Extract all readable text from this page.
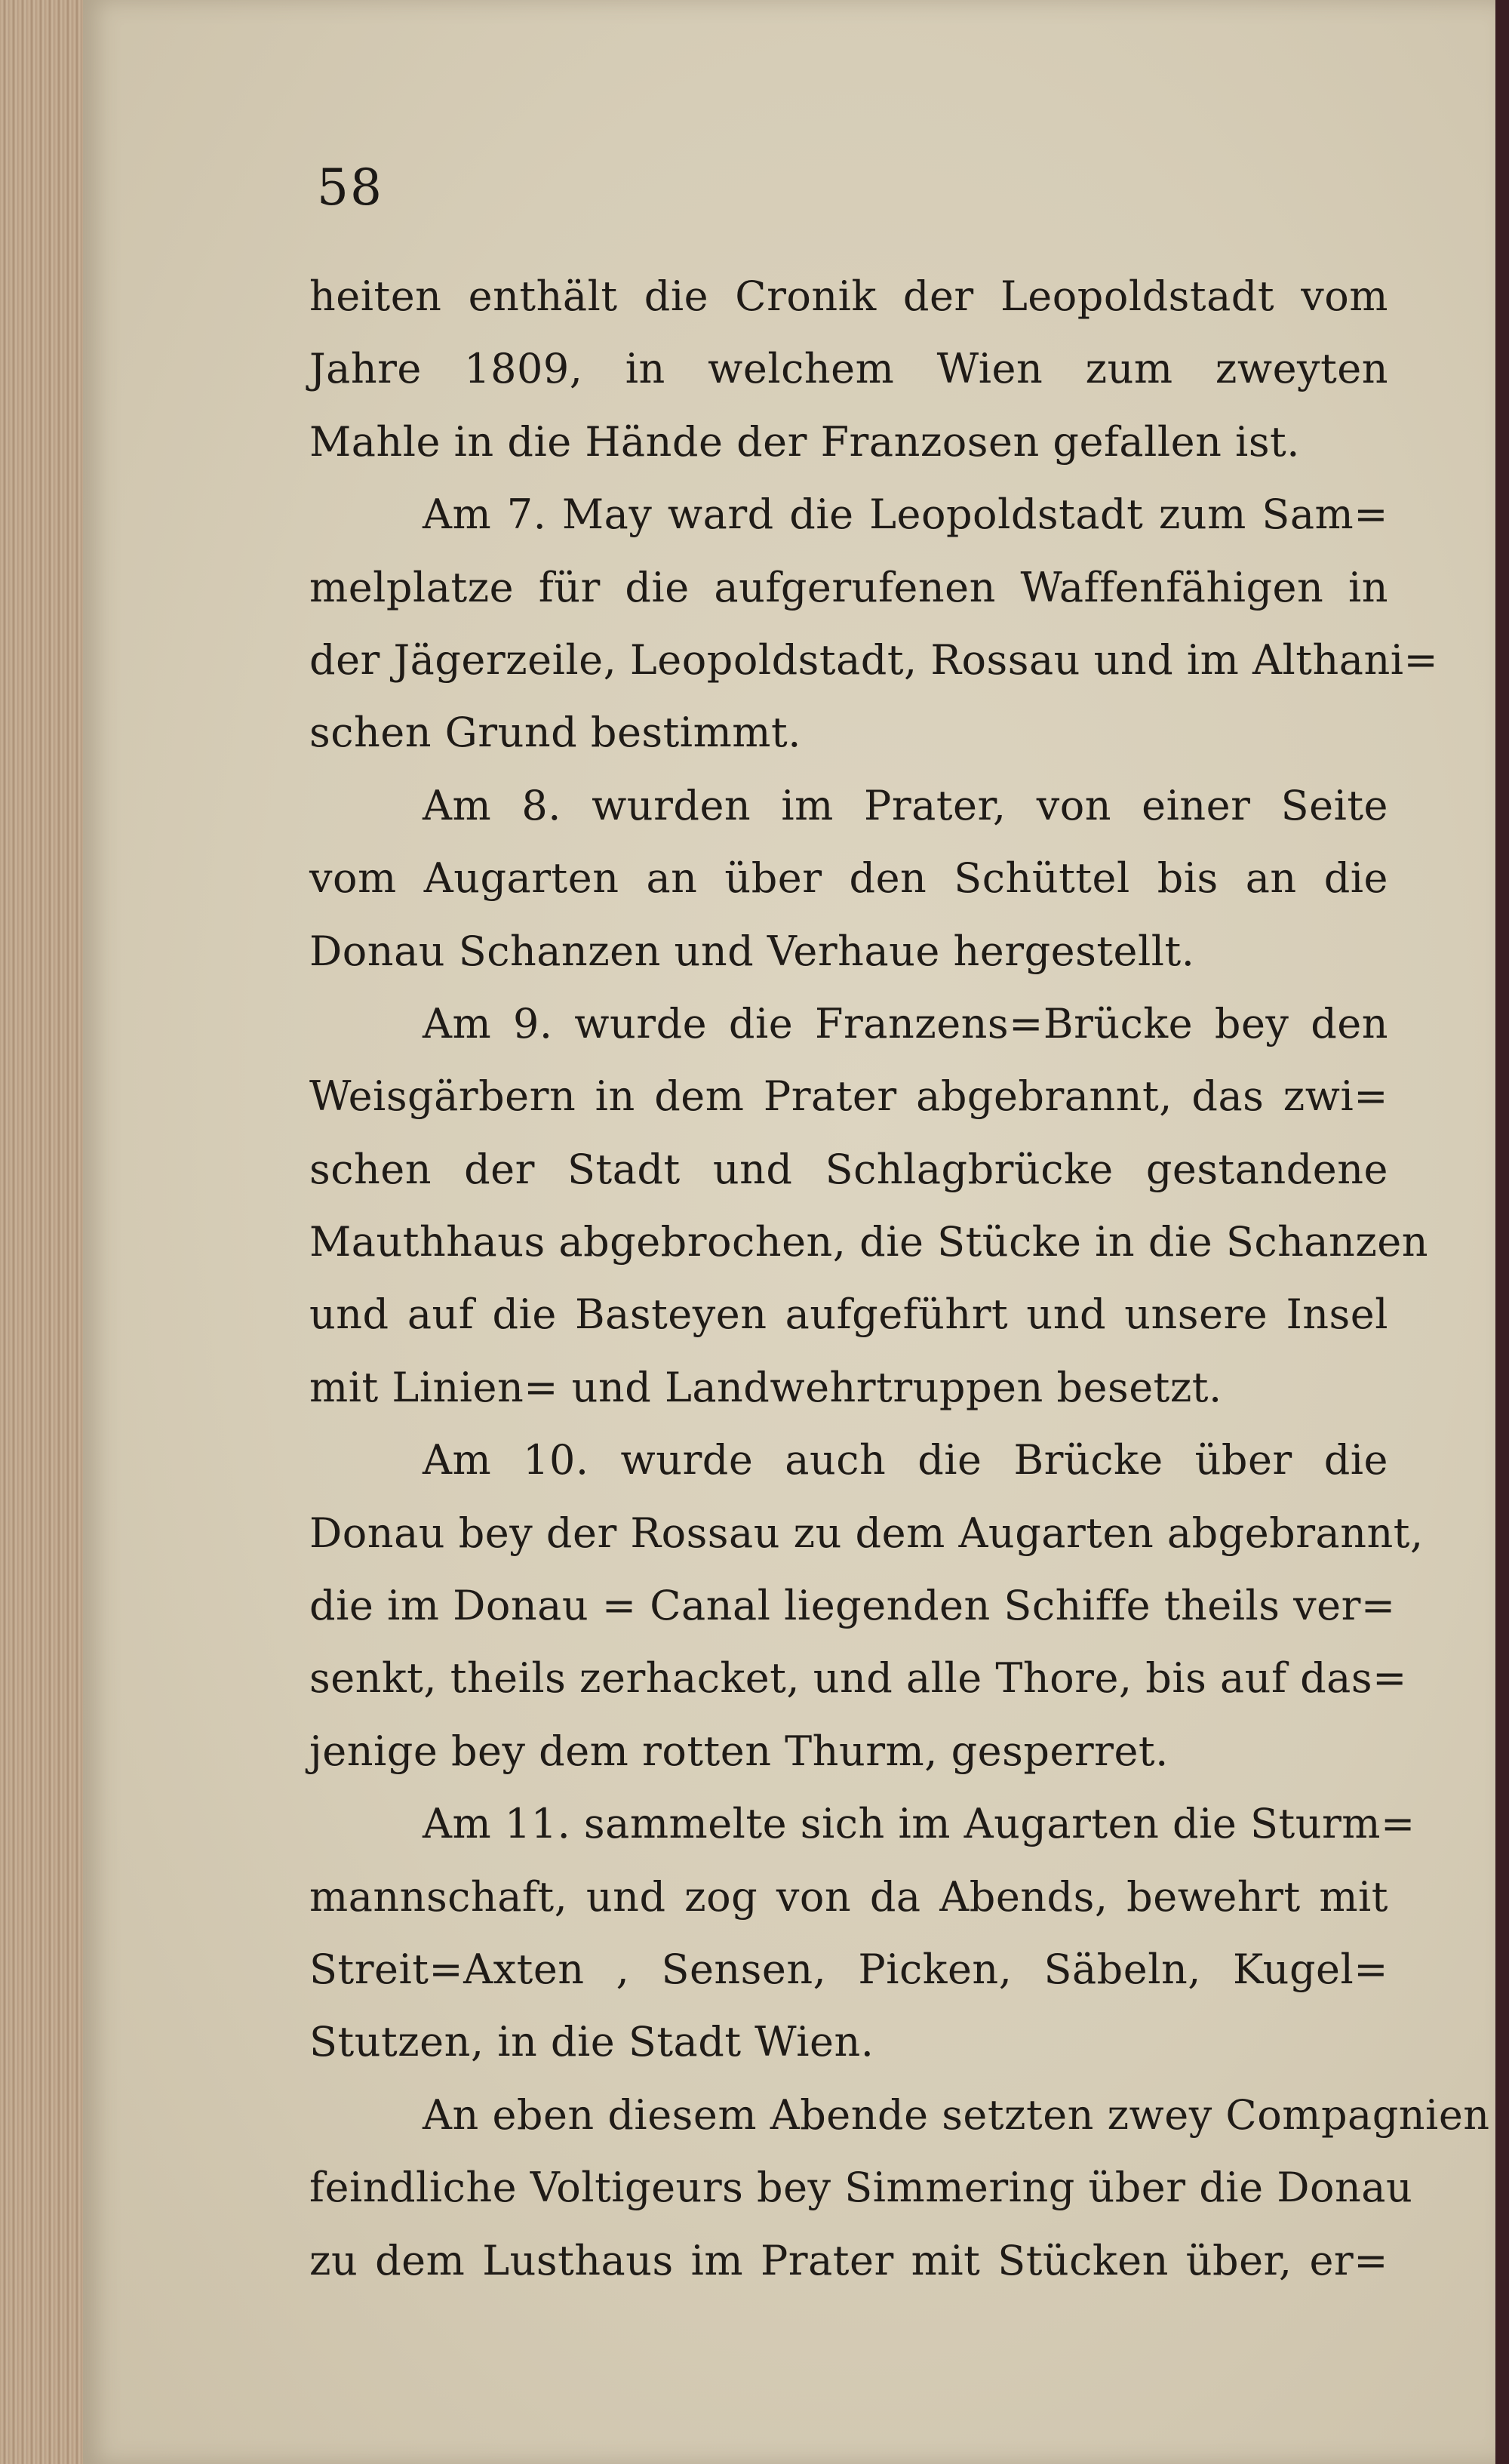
58
heiten enthält die Cronik der Leopoldstadt vom
Jahre 1809, in welchem Wien zum zweyten
Mahle in die Hände der Franzosen gefallen ist.
Am 7. May ward die Leopoldstadt zum Sam=
melplatze für die aufgerufenen Waffenfähigen in
der Jägerzeile, Leopoldstadt, Rossau und im Althani=
schen Grund bestimmt.
Am 8. wurden im Prater, von einer Seite
vom Augarten an über den Schüttel bis an die
Donau Schanzen und Verhaue hergestellt.
Am 9. wurde die Franzens=Brücke bey den
Weisgärbern in dem Prater abgebrannt, das zwi=
schen der Stadt und Schlagbrücke gestandene
Mauthhaus abgebrochen, die Stücke in die Schanzen
und auf die Basteyen aufgeführt und unsere Insel
mit Linien= und Landwehrtruppen besetzt.
Am 10. wurde auch die Brücke über die
Donau bey der Rossau zu dem Augarten abgebrannt,
die im Donau = Canal liegenden Schiffe theils ver=
senkt, theils zerhacket, und alle Thore, bis auf das=
jenige bey dem rotten Thurm, gesperret.
Am 11. sammelte sich im Augarten die Sturm=
mannschaft, und zog von da Abends, bewehrt mit
Streit=Axten , Sensen, Picken, Säbeln, Kugel=
Stutzen, in die Stadt Wien.
An eben diesem Abende setzten zwey Compagnien
feindliche Voltigeurs bey Simmering über die Donau
zu dem Lusthaus im Prater mit Stücken über, er=
